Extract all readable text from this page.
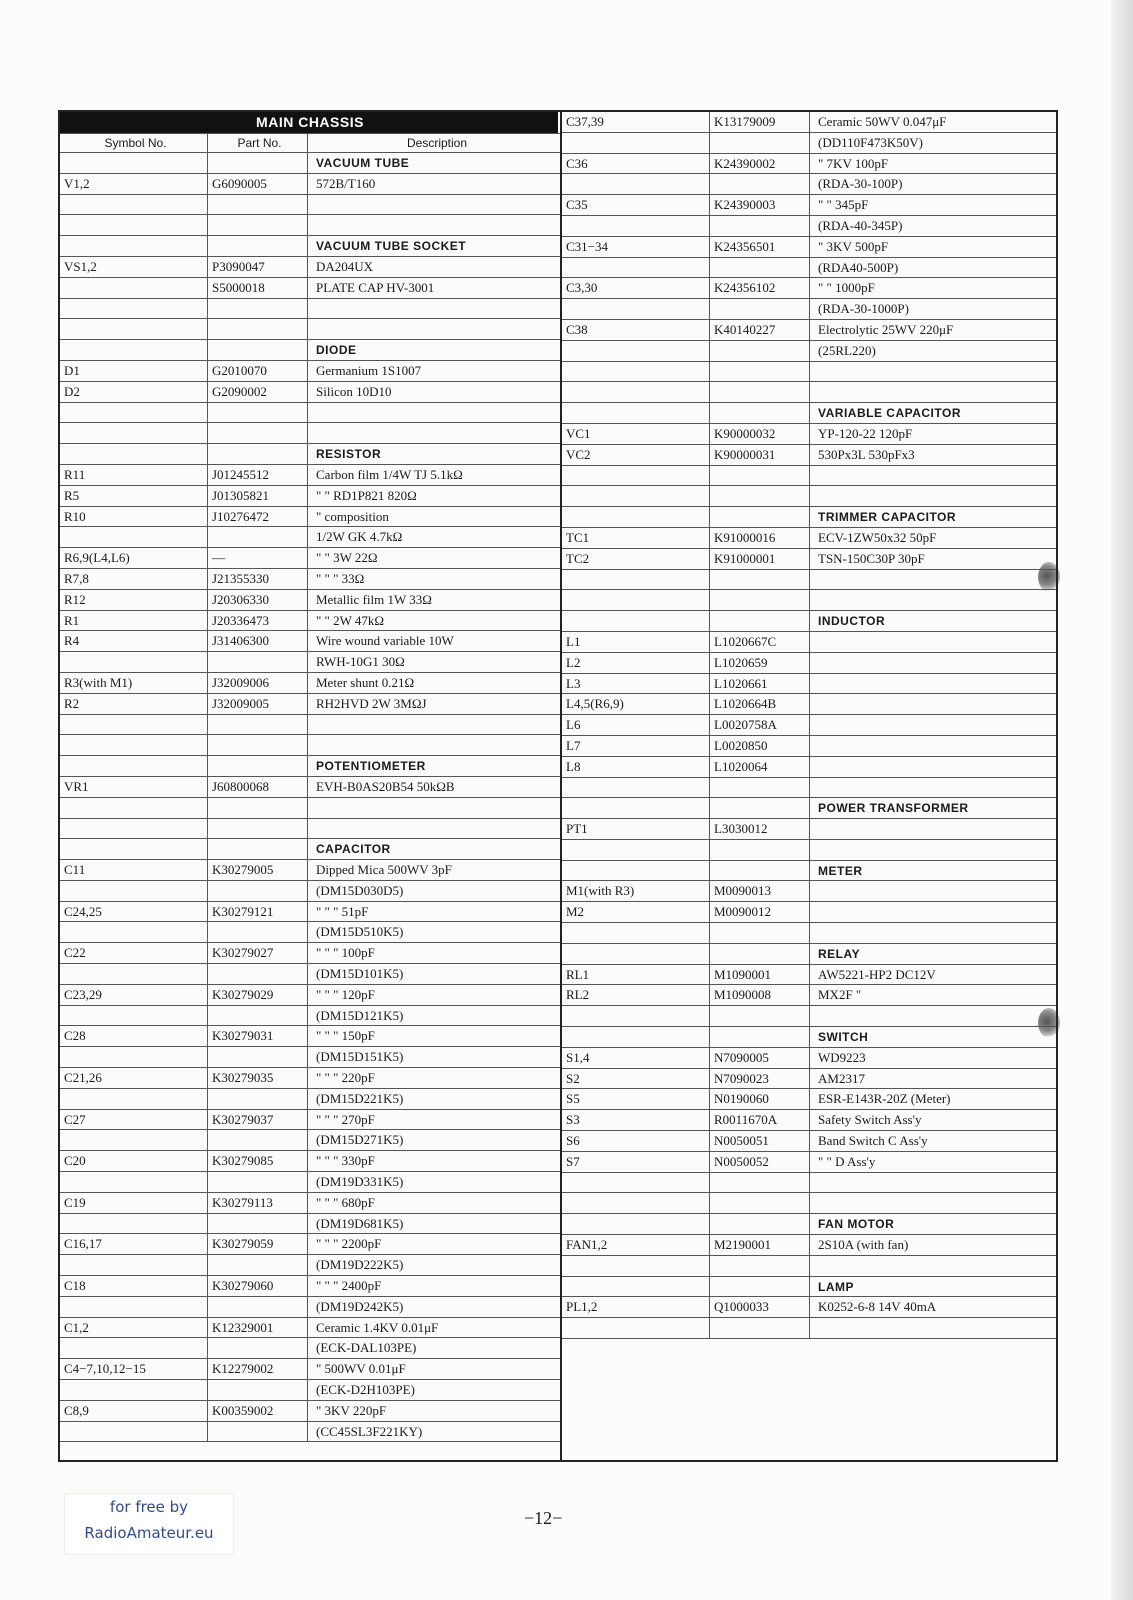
MAIN CHASSIS
Symbol No.	Part No.	Description
VACUUM TUBE
V1,2	G6090005	572B/T160
VACUUM TUBE SOCKET
VS1,2	P3090047	DA204UX
S5000018	PLATE CAP HV-3001
DIODE
D1	G2010070	Germanium 1S1007
D2	G2090002	Silicon 10D10
RESISTOR
R11	J01245512	Carbon film 1/4W TJ 5.1kΩ
R5	J01305821	" " RD1P821 820Ω
R10	J10276472	" composition
1/2W GK 4.7kΩ
R6,9(L4,L6)	—	" " 3W 22Ω
R7,8	J21355330	" " " 33Ω
R12	J20306330	Metallic film 1W 33Ω
R1	J20336473	" " 2W 47kΩ
R4	J31406300	Wire wound variable 10W
RWH-10G1 30Ω
R3(with M1)	J32009006	Meter shunt 0.21Ω
R2	J32009005	RH2HVD 2W 3MΩJ
POTENTIOMETER
VR1	J60800068	EVH-B0AS20B54 50kΩB
CAPACITOR
C11	K30279005	Dipped Mica 500WV 3pF
(DM15D030D5)
C24,25	K30279121	" " " 51pF
(DM15D510K5)
C22	K30279027	" " " 100pF
(DM15D101K5)
C23,29	K30279029	" " " 120pF
(DM15D121K5)
C28	K30279031	" " " 150pF
(DM15D151K5)
C21,26	K30279035	" " " 220pF
(DM15D221K5)
C27	K30279037	" " " 270pF
(DM15D271K5)
C20	K30279085	" " " 330pF
(DM19D331K5)
C19	K30279113	" " " 680pF
(DM19D681K5)
C16,17	K30279059	" " " 2200pF
(DM19D222K5)
C18	K30279060	" " " 2400pF
(DM19D242K5)
C1,2	K12329001	Ceramic 1.4KV 0.01μF
(ECK-DAL103PE)
C4−7,10,12−15	K12279002	" 500WV 0.01μF
(ECK-D2H103PE)
C8,9	K00359002	" 3KV 220pF
(CC45SL3F221KY)
C37,39	K13179009	Ceramic 50WV 0.047μF
(DD110F473K50V)
C36	K24390002	" 7KV 100pF
(RDA-30-100P)
C35	K24390003	" " 345pF
(RDA-40-345P)
C31−34	K24356501	" 3KV 500pF
(RDA40-500P)
C3,30	K24356102	" " 1000pF
(RDA-30-1000P)
C38	K40140227	Electrolytic 25WV 220μF
(25RL220)
VARIABLE CAPACITOR
VC1	K90000032	YP-120-22 120pF
VC2	K90000031	530Px3L 530pFx3
TRIMMER CAPACITOR
TC1	K91000016	ECV-1ZW50x32 50pF
TC2	K91000001	TSN-150C30P 30pF
INDUCTOR
L1	L1020667C
L2	L1020659
L3	L1020661
L4,5(R6,9)	L1020664B
L6	L0020758A
L7	L0020850
L8	L1020064
POWER TRANSFORMER
PT1	L3030012
METER
M1(with R3)	M0090013
M2	M0090012
RELAY
RL1	M1090001	AW5221-HP2 DC12V
RL2	M1090008	MX2F "
SWITCH
S1,4	N7090005	WD9223
S2	N7090023	AM2317
S5	N0190060	ESR-E143R-20Z (Meter)
S3	R0011670A	Safety Switch Ass'y
S6	N0050051	Band Switch C Ass'y
S7	N0050052	" " D Ass'y
FAN MOTOR
FAN1,2	M2190001	2S10A (with fan)
LAMP
PL1,2	Q1000033	K0252-6-8 14V 40mA
for free by
RadioAmateur.eu
−12−
